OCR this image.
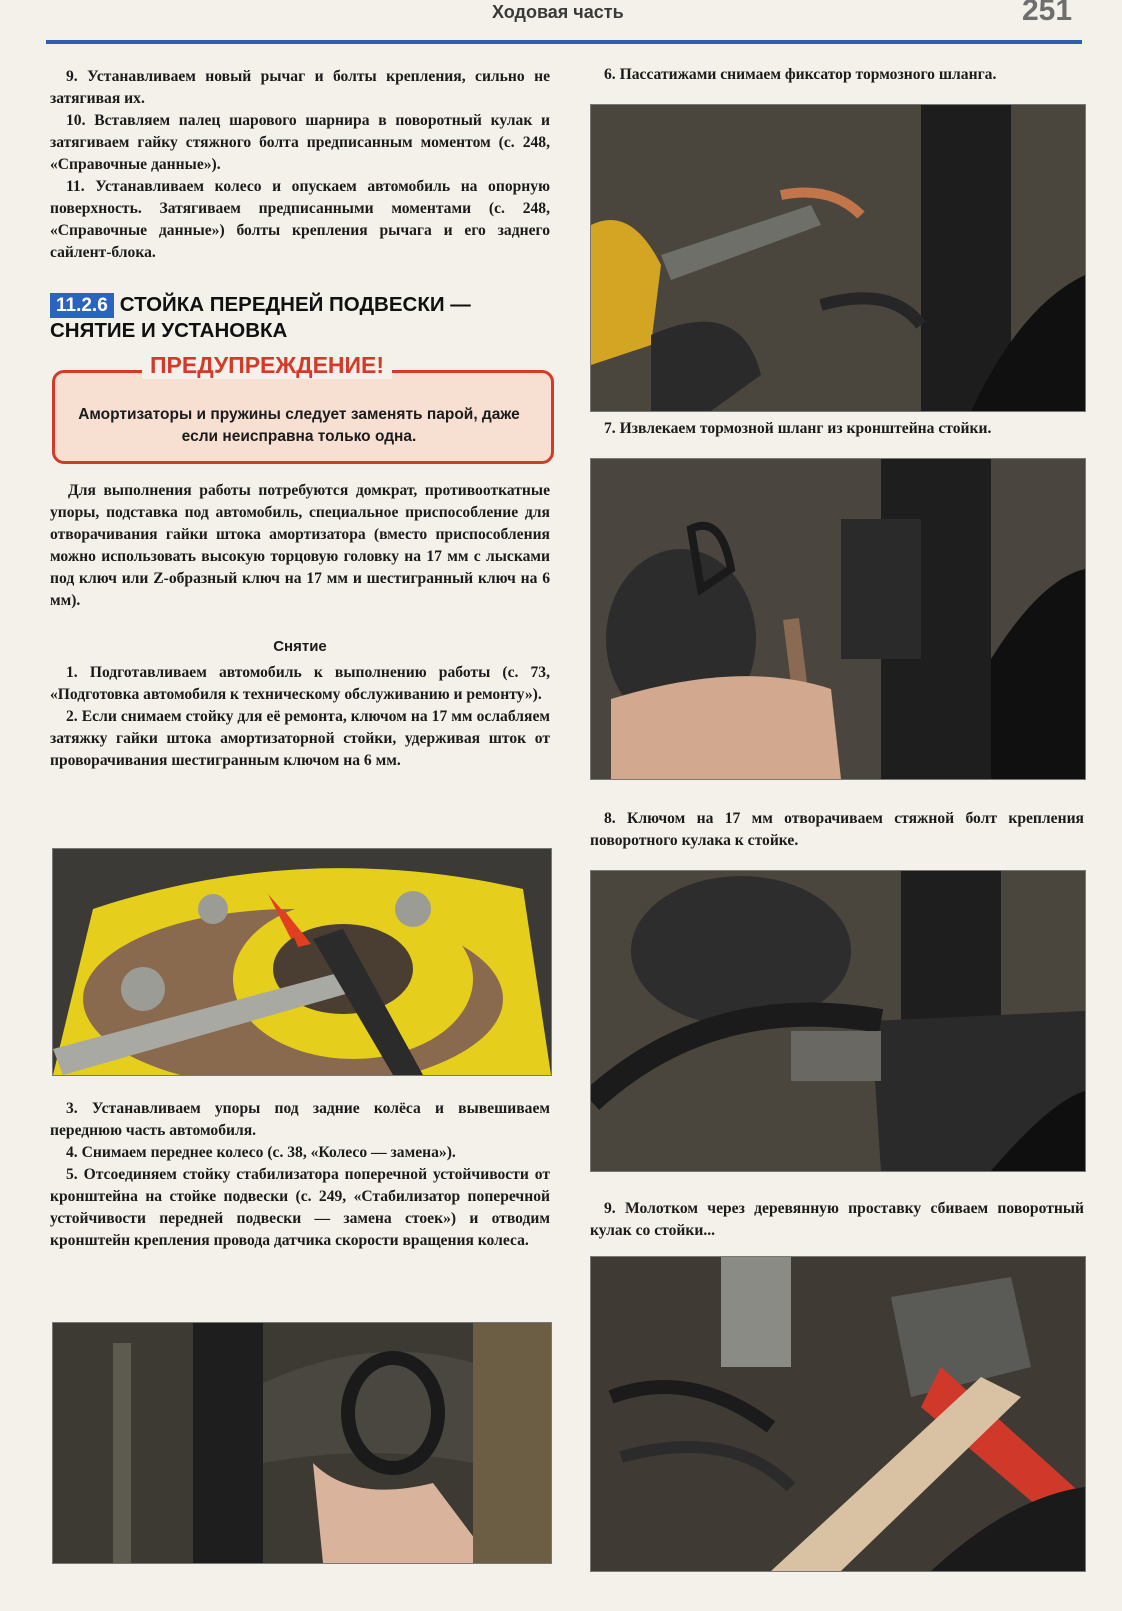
Ходовая часть	251

9. Устанавливаем новый рычаг и болты крепления, сильно не затягивая их.

10. Вставляем палец шарового шарнира в поворотный кулак и затягиваем гайку стяжного болта предписанным моментом (с. 248, «Справочные данные»).

11. Устанавливаем колесо и опускаем автомобиль на опорную поверхность. Затягиваем предписанными моментами (с. 248, «Справочные данные») болты крепления рычага и его заднего сайлент-блока.

11.2.6 СТОЙКА ПЕРЕДНЕЙ ПОДВЕСКИ — СНЯТИЕ И УСТАНОВКА
ПРЕДУПРЕЖДЕНИЕ!
Амортизаторы и пружины следует заменять парой, даже если неисправна только одна.

Для выполнения работы потребуются домкрат, противооткатные упоры, подставка под автомобиль, специальное приспособление для отворачивания гайки штока амортизатора (вместо приспособления можно использовать высокую торцовую головку на 17 мм с лысками под ключ или Z-образный ключ на 17 мм и шестигранный ключ на 6 мм).

Снятие

1. Подготавливаем автомобиль к выполнению работы (с. 73, «Подготовка автомобиля к техническому обслуживанию и ремонту»).

2. Если снимаем стойку для её ремонта, ключом на 17 мм ослабляем затяжку гайки штока амортизаторной стойки, удерживая шток от проворачивания шестигранным ключом на 6 мм.

3. Устанавливаем упоры под задние колёса и вывешиваем переднюю часть автомобиля.

4. Снимаем переднее колесо (с. 38, «Колесо — замена»).

5. Отсоединяем стойку стабилизатора поперечной устойчивости от кронштейна на стойке подвески (с. 249, «Стабилизатор поперечной устойчивости передней подвески — замена стоек») и отводим кронштейн крепления провода датчика скорости вращения колеса.

6. Пассатижами снимаем фиксатор тормозного шланга.

7. Извлекаем тормозной шланг из кронштейна стойки.

8. Ключом на 17 мм отворачиваем стяжной болт крепления поворотного кулака к стойке.

9. Молотком через деревянную проставку сбиваем поворотный кулак со стойки...
